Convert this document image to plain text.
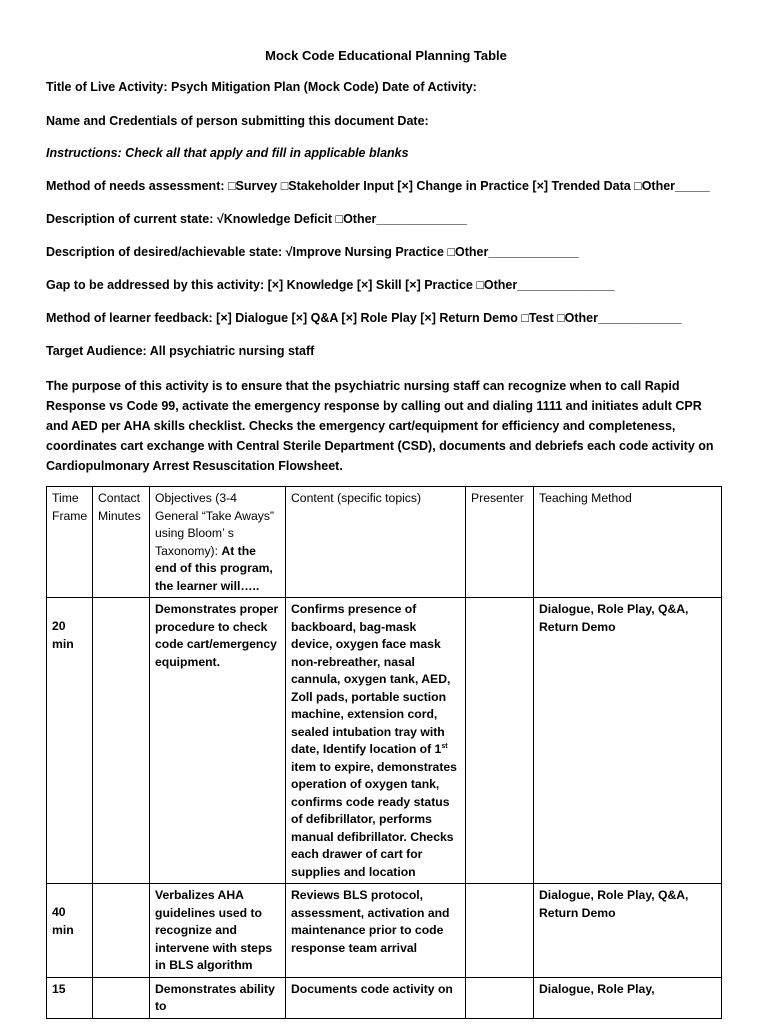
Mock Code Educational Planning Table
Title of Live Activity: Psych Mitigation Plan (Mock Code) Date of Activity:
Name and Credentials of person submitting this document Date:
Instructions: Check all that apply and fill in applicable blanks
Method of needs assessment: □Survey □Stakeholder Input [×] Change in Practice [×] Trended Data □Other_____
Description of current state: √Knowledge Deficit □Other_____________
Description of desired/achievable state: √Improve Nursing Practice □Other_____________
Gap to be addressed by this activity: [×] Knowledge [×] Skill [×] Practice □Other______________
Method of learner feedback: [×] Dialogue [×] Q&A [×] Role Play [×] Return Demo □Test □Other____________
Target Audience: All psychiatric nursing staff
The purpose of this activity is to ensure that the psychiatric nursing staff can recognize when to call Rapid Response vs Code 99, activate the emergency response by calling out and dialing 1111 and initiates adult CPR and AED per AHA skills checklist. Checks the emergency cart/equipment for efficiency and completeness, coordinates cart exchange with Central Sterile Department (CSD), documents and debriefs each code activity on Cardiopulmonary Arrest Resuscitation Flowsheet.
Time Frame	Contact Minutes	Objectives (3-4 General “Take Aways” using Bloom’ s Taxonomy): At the end of this program, the learner will…..	Content (specific topics)	Presenter	Teaching Method
20 min		Demonstrates proper procedure to check code cart/emergency equipment.	Confirms presence of backboard, bag-mask device, oxygen face mask non-rebreather, nasal cannula, oxygen tank, AED, Zoll pads, portable suction machine, extension cord, sealed intubation tray with date, Identify location of 1st item to expire, demonstrates operation of oxygen tank, confirms code ready status of defibrillator, performs manual defibrillator. Checks each drawer of cart for supplies and location		Dialogue, Role Play, Q&A, Return Demo
40 min		Verbalizes AHA guidelines used to recognize and intervene with steps in BLS algorithm	Reviews BLS protocol, assessment, activation and maintenance prior to code response team arrival		Dialogue, Role Play, Q&A, Return Demo
15		Demonstrates ability to	Documents code activity on		Dialogue, Role Play,
